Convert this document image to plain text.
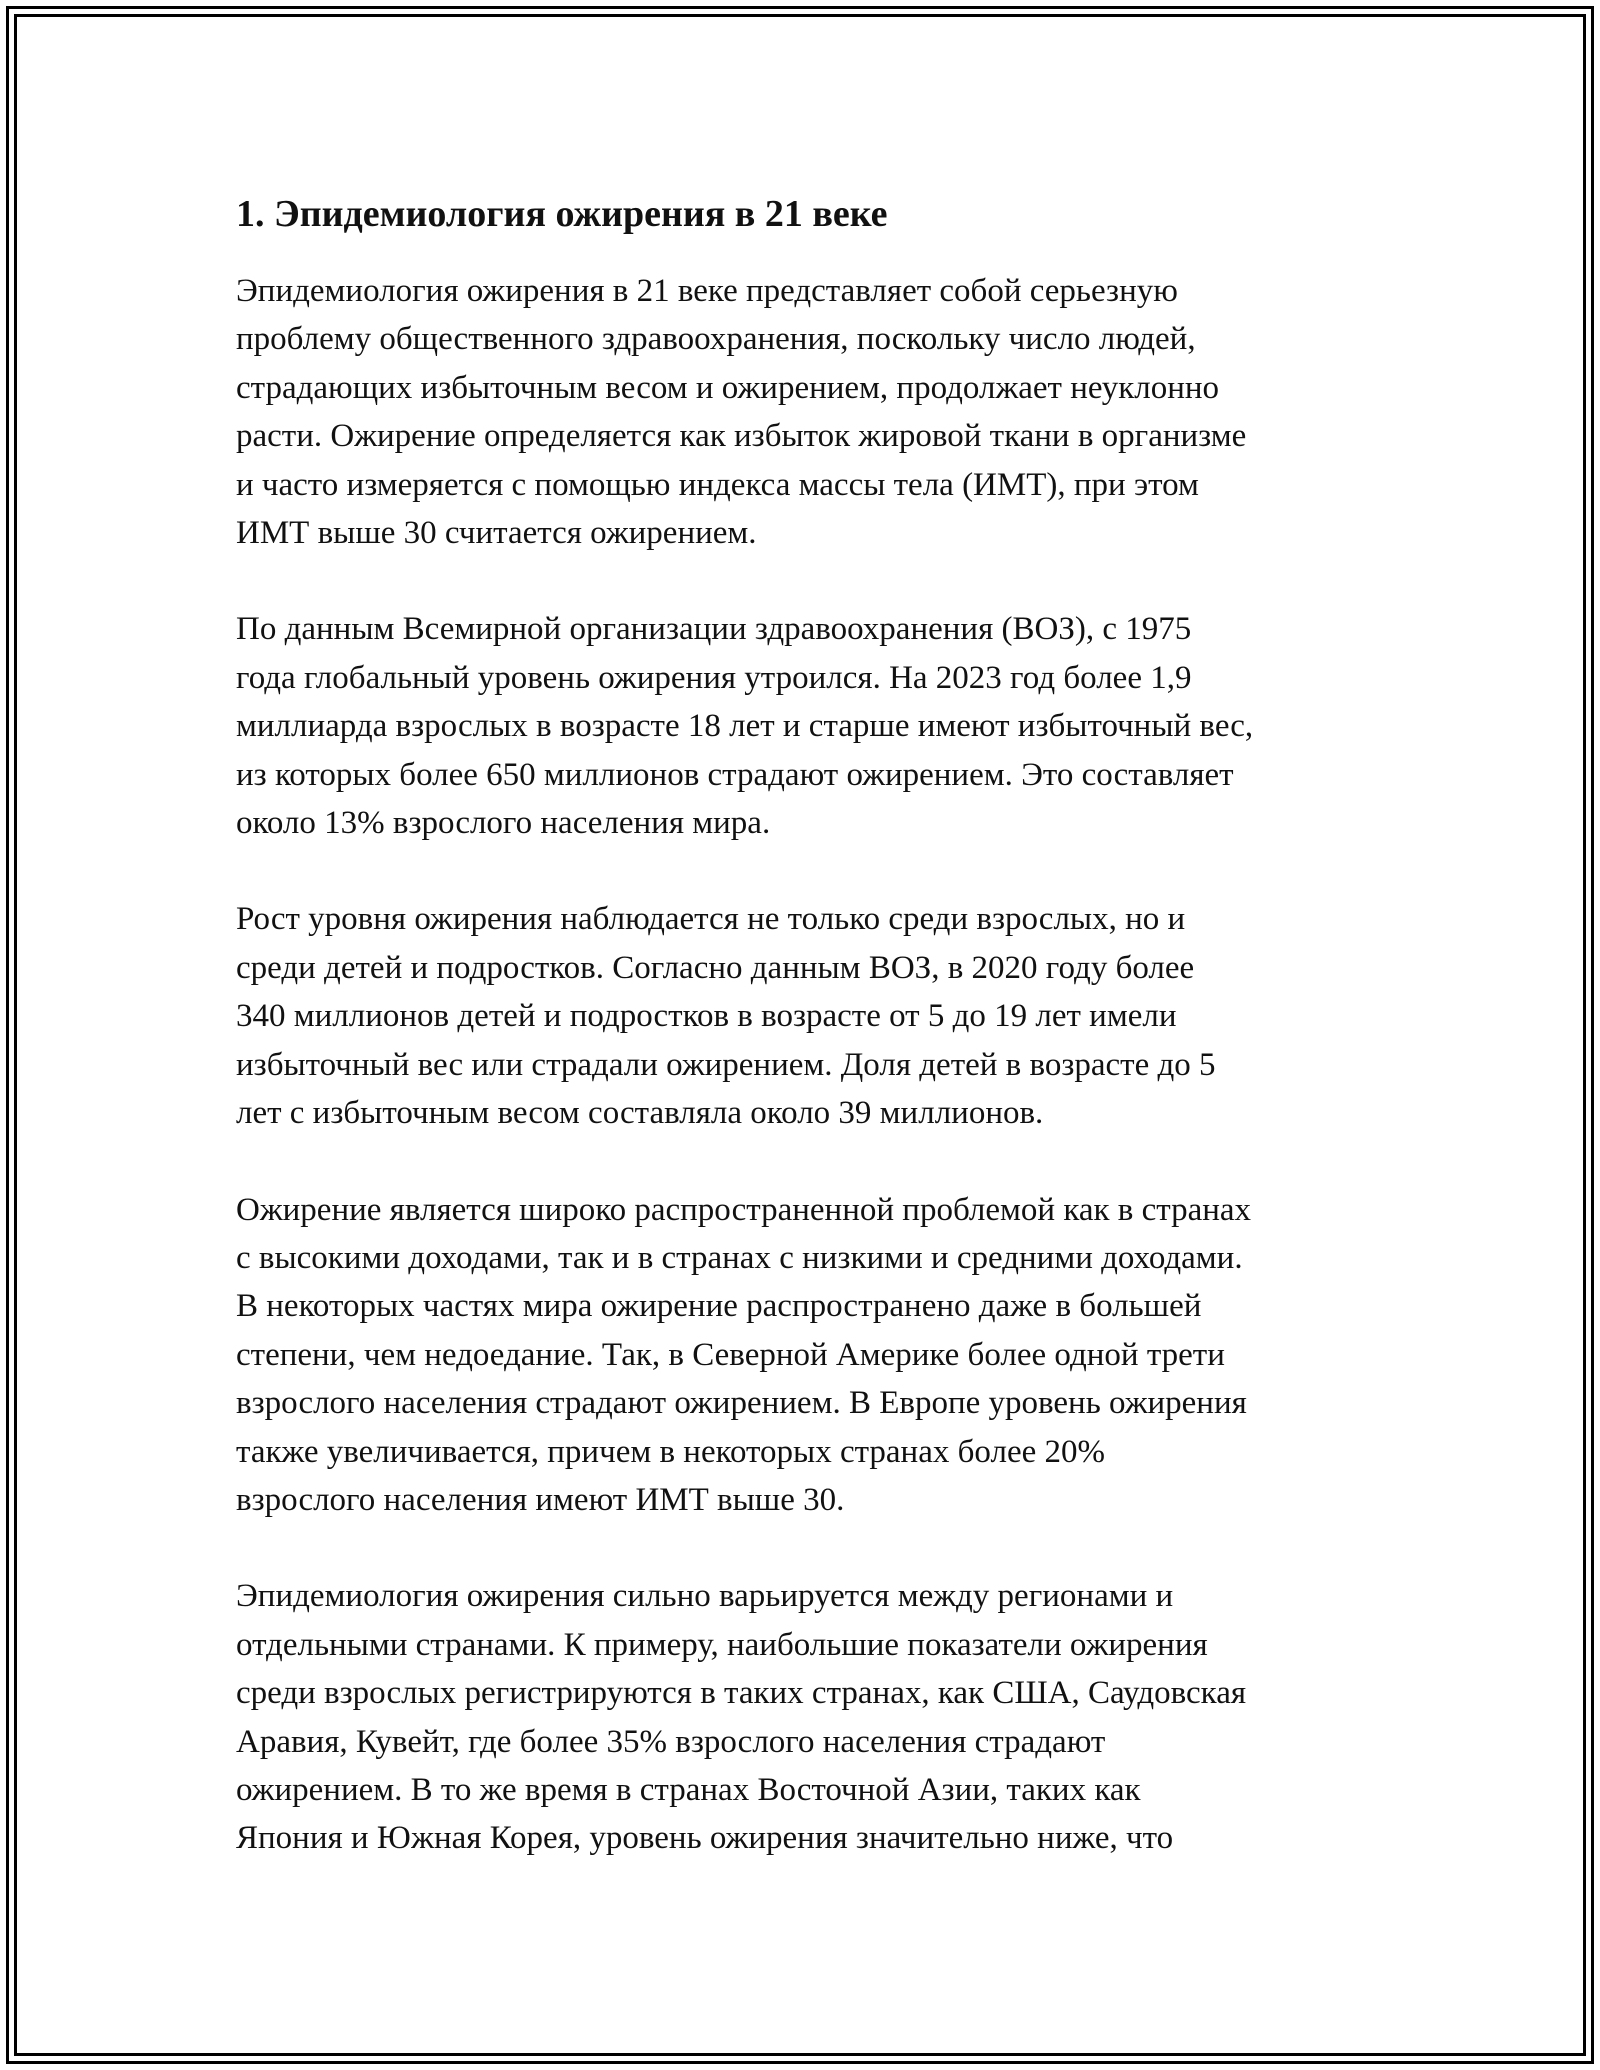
1. Эпидемиология ожирения в 21 веке

Эпидемиология ожирения в 21 веке представляет собой серьезную
проблему общественного здравоохранения, поскольку число людей,
страдающих избыточным весом и ожирением, продолжает неуклонно
расти. Ожирение определяется как избыток жировой ткани в организме
и часто измеряется с помощью индекса массы тела (ИМТ), при этом
ИМТ выше 30 считается ожирением.

По данным Всемирной организации здравоохранения (ВОЗ), с 1975
года глобальный уровень ожирения утроился. На 2023 год более 1,9
миллиарда взрослых в возрасте 18 лет и старше имеют избыточный вес,
из которых более 650 миллионов страдают ожирением. Это составляет
около 13% взрослого населения мира.

Рост уровня ожирения наблюдается не только среди взрослых, но и
среди детей и подростков. Согласно данным ВОЗ, в 2020 году более
340 миллионов детей и подростков в возрасте от 5 до 19 лет имели
избыточный вес или страдали ожирением. Доля детей в возрасте до 5
лет с избыточным весом составляла около 39 миллионов.

Ожирение является широко распространенной проблемой как в странах
с высокими доходами, так и в странах с низкими и средними доходами.
В некоторых частях мира ожирение распространено даже в большей
степени, чем недоедание. Так, в Северной Америке более одной трети
взрослого населения страдают ожирением. В Европе уровень ожирения
также увеличивается, причем в некоторых странах более 20%
взрослого населения имеют ИМТ выше 30.

Эпидемиология ожирения сильно варьируется между регионами и
отдельными странами. К примеру, наибольшие показатели ожирения
среди взрослых регистрируются в таких странах, как США, Саудовская
Аравия, Кувейт, где более 35% взрослого населения страдают
ожирением. В то же время в странах Восточной Азии, таких как
Япония и Южная Корея, уровень ожирения значительно ниже, что
